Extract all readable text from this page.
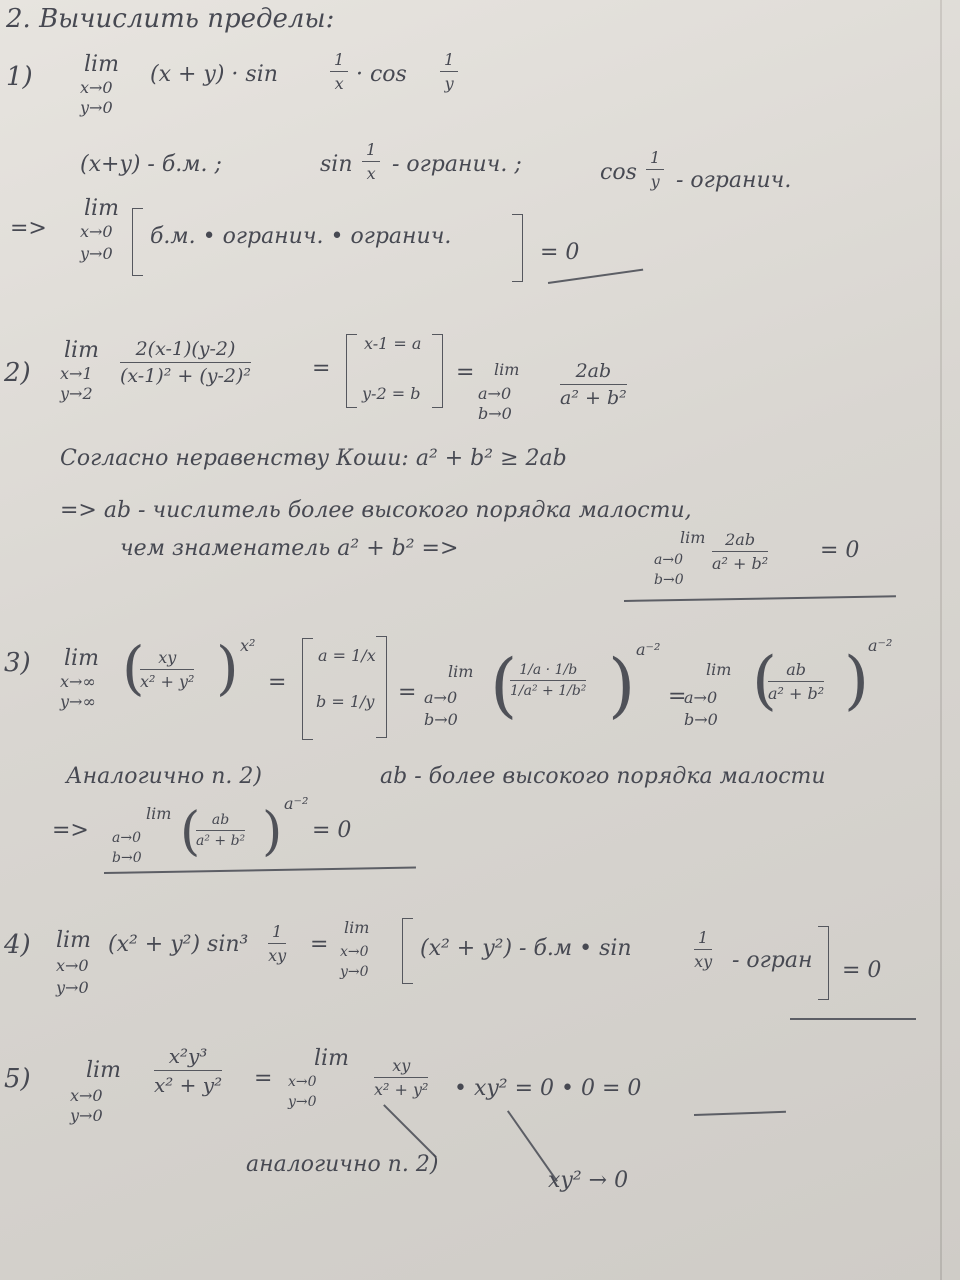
2. Вычислить пределы:
1) lim
x→0
y→0
(x + y) · sin	$\frac{1}{x} \cdot \cos \frac{1}{y}$
(x+y) - б.м. ;	$\sin \frac{1}{x}$ - огранич. ;	$\cos \frac{1}{y}$ - огранич.
=>
lim
x→0
y→0
б.м. • огранич. • огранич.
= 0
2)
lim
x→1
y→2
$\frac{2(x-1)(y-2)}{\text{(x-1)² + (y-2)²}}$	=
x-1 = a
y-2 = b
= lim
a→0
b→0
$\frac{2ab}{\text{a² + b²}}$
Согласно неравенству Коши: a² + b² ≥ 2ab
=> ab - числитель более высокого порядка малости,
чем знаменатель a² + b² =>	lim
a→0
b→0
$\frac{2ab}{\text{a² + b²}} = 0$
3) lim
x→∞
y→∞ (
$\frac{xy}{\text{x² + y²}}$ ) x²
=
a = 1/x
b = 1/y =
lim
a→0
b→0 (
$\frac{1/a \cdot 1/b}{\text{1/a² + 1/b²}}$ ) a⁻²
=
lim
a→0
b→0
(
$\frac{ab}{\text{a² + b²}}$ ) a⁻²
Аналогично п. 2)	ab - более высокого порядка малости
=>
lim
a→0
b→0 (
$\frac{ab}{\text{a² + b²}}$ ) a⁻²
= 0
4) lim
x→0
y→0
(x² + y²) $\sin^3 \frac{1}{xy}$ =
lim
x→0
y→0
(x² + y²) - б.м • sin	$\frac{1}{xy}$ - огран = 0
5)	lim
x→0
y→0
$\frac{\text{x²y³}}{\text{x² + y²}}$ =
lim
x→0
y→0
$\frac{xy}{\text{x² + y²}}$ • xy² = 0 • 0 = 0
аналогично п. 2)
xy² → 0
